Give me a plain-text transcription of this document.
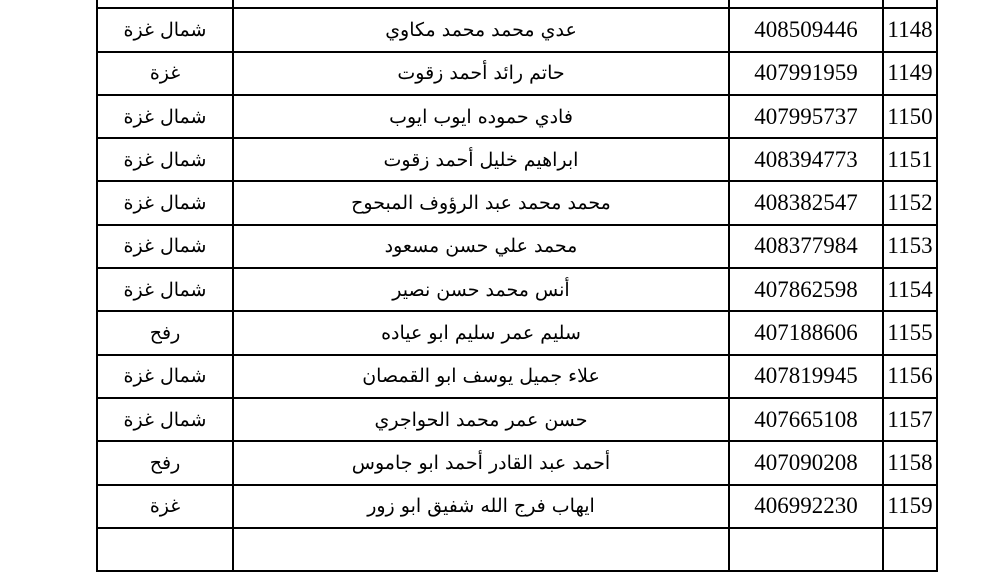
1148	408509446	عدي محمد محمد مكاوي	شمال غزة
1149	407991959	حاتم رائد أحمد زقوت	غزة
1150	407995737	فادي حموده ايوب ايوب	شمال غزة
1151	408394773	ابراهيم خليل أحمد زقوت	شمال غزة
1152	408382547	محمد محمد عبد الرؤوف المبحوح	شمال غزة
1153	408377984	محمد علي حسن مسعود	شمال غزة
1154	407862598	أنس محمد حسن نصير	شمال غزة
1155	407188606	سليم عمر سليم ابو عياده	رفح
1156	407819945	علاء جميل يوسف ابو القمصان	شمال غزة
1157	407665108	حسن عمر محمد الحواجري	شمال غزة
1158	407090208	أحمد عبد القادر أحمد ابو جاموس	رفح
1159	406992230	ايهاب فرج الله شفيق ابو زور	غزة
